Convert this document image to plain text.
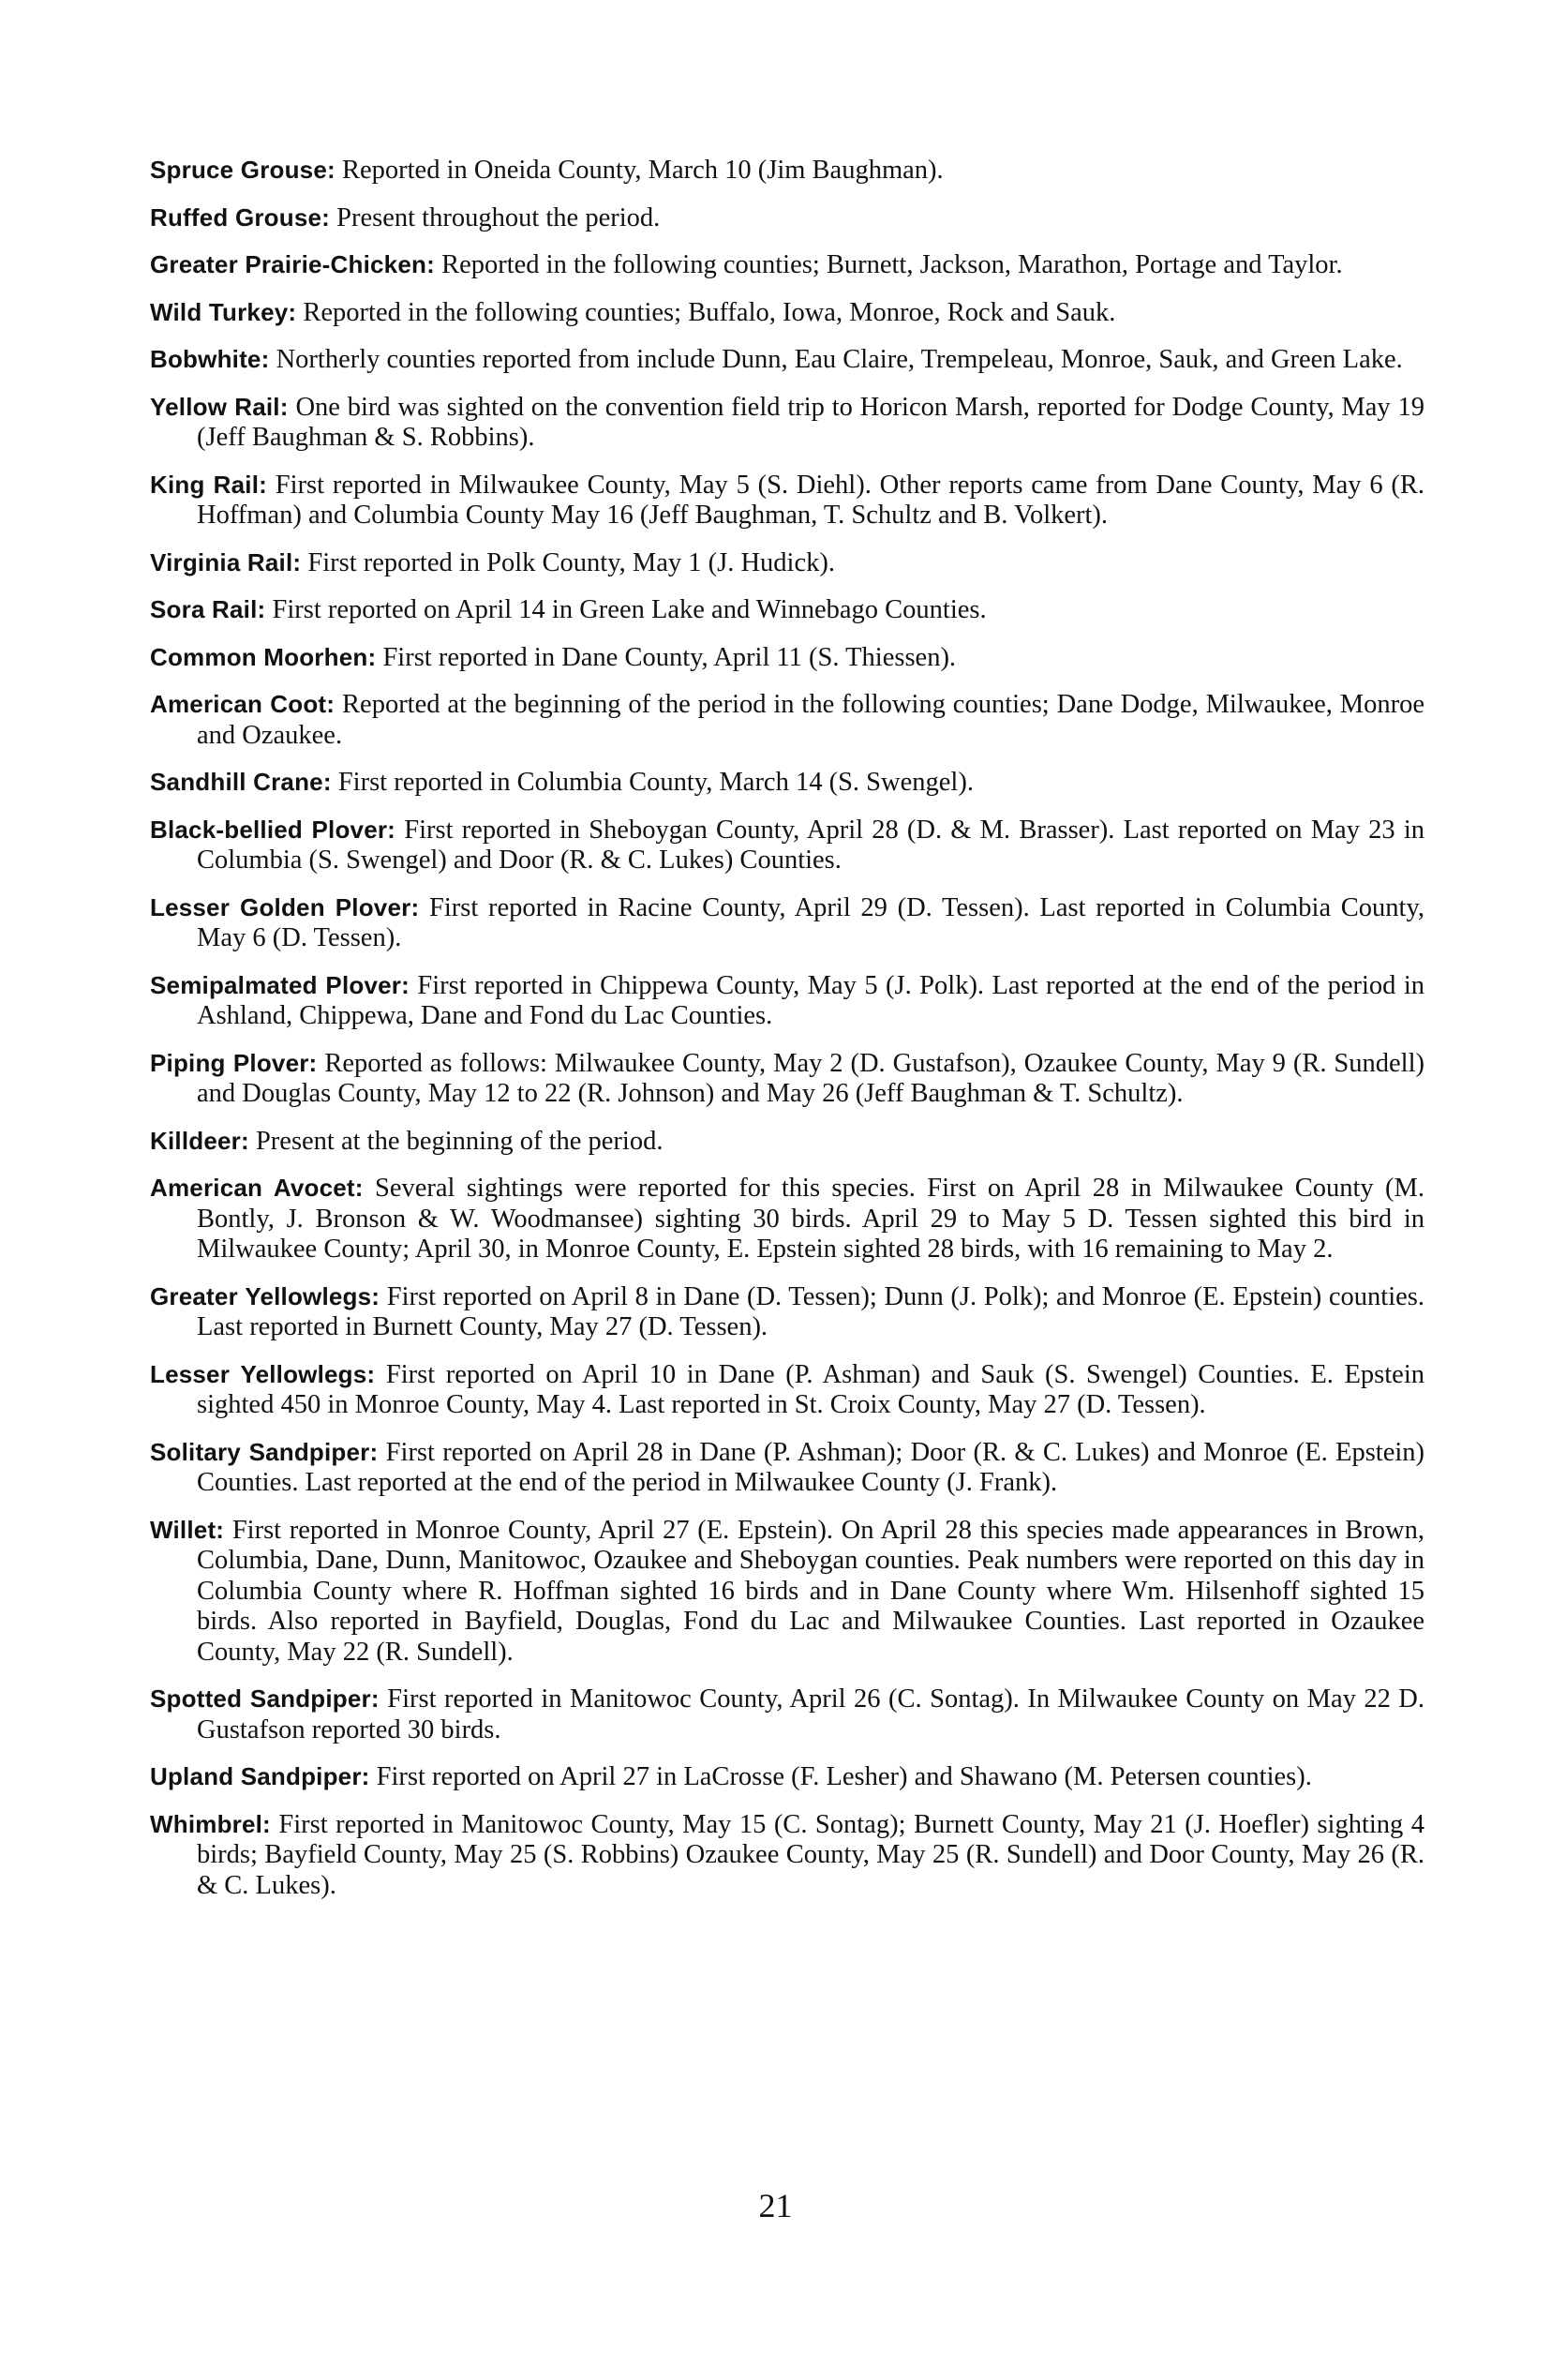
Spruce Grouse: Reported in Oneida County, March 10 (Jim Baughman).

Ruffed Grouse: Present throughout the period.

Greater Prairie-Chicken: Reported in the following counties; Burnett, Jackson, Marathon, Portage and Taylor.

Wild Turkey: Reported in the following counties; Buffalo, Iowa, Monroe, Rock and Sauk.

Bobwhite: Northerly counties reported from include Dunn, Eau Claire, Trempeleau, Monroe, Sauk, and Green Lake.

Yellow Rail: One bird was sighted on the convention field trip to Horicon Marsh, reported for Dodge County, May 19 (Jeff Baughman & S. Robbins).

King Rail: First reported in Milwaukee County, May 5 (S. Diehl). Other reports came from Dane County, May 6 (R. Hoffman) and Columbia County May 16 (Jeff Baughman, T. Schultz and B. Volkert).

Virginia Rail: First reported in Polk County, May 1 (J. Hudick).

Sora Rail: First reported on April 14 in Green Lake and Winnebago Counties.

Common Moorhen: First reported in Dane County, April 11 (S. Thiessen).

American Coot: Reported at the beginning of the period in the following counties; Dane Dodge, Milwaukee, Monroe and Ozaukee.

Sandhill Crane: First reported in Columbia County, March 14 (S. Swengel).

Black-bellied Plover: First reported in Sheboygan County, April 28 (D. & M. Brasser). Last reported on May 23 in Columbia (S. Swengel) and Door (R. & C. Lukes) Counties.

Lesser Golden Plover: First reported in Racine County, April 29 (D. Tessen). Last reported in Columbia County, May 6 (D. Tessen).

Semipalmated Plover: First reported in Chippewa County, May 5 (J. Polk). Last reported at the end of the period in Ashland, Chippewa, Dane and Fond du Lac Counties.

Piping Plover: Reported as follows: Milwaukee County, May 2 (D. Gustafson), Ozaukee County, May 9 (R. Sundell) and Douglas County, May 12 to 22 (R. Johnson) and May 26 (Jeff Baughman & T. Schultz).

Killdeer: Present at the beginning of the period.

American Avocet: Several sightings were reported for this species. First on April 28 in Milwaukee County (M. Bontly, J. Bronson & W. Woodmansee) sighting 30 birds. April 29 to May 5 D. Tessen sighted this bird in Milwaukee County; April 30, in Monroe County, E. Epstein sighted 28 birds, with 16 remaining to May 2.

Greater Yellowlegs: First reported on April 8 in Dane (D. Tessen); Dunn (J. Polk); and Monroe (E. Epstein) counties. Last reported in Burnett County, May 27 (D. Tessen).

Lesser Yellowlegs: First reported on April 10 in Dane (P. Ashman) and Sauk (S. Swengel) Counties. E. Epstein sighted 450 in Monroe County, May 4. Last reported in St. Croix County, May 27 (D. Tessen).

Solitary Sandpiper: First reported on April 28 in Dane (P. Ashman); Door (R. & C. Lukes) and Monroe (E. Epstein) Counties. Last reported at the end of the period in Milwaukee County (J. Frank).

Willet: First reported in Monroe County, April 27 (E. Epstein). On April 28 this species made appearances in Brown, Columbia, Dane, Dunn, Manitowoc, Ozaukee and Sheboygan counties. Peak numbers were reported on this day in Columbia County where R. Hoffman sighted 16 birds and in Dane County where Wm. Hilsenhoff sighted 15 birds. Also reported in Bayfield, Douglas, Fond du Lac and Milwaukee Counties. Last reported in Ozaukee County, May 22 (R. Sundell).

Spotted Sandpiper: First reported in Manitowoc County, April 26 (C. Sontag). In Milwaukee County on May 22 D. Gustafson reported 30 birds.

Upland Sandpiper: First reported on April 27 in LaCrosse (F. Lesher) and Shawano (M. Petersen counties).

Whimbrel: First reported in Manitowoc County, May 15 (C. Sontag); Burnett County, May 21 (J. Hoefler) sighting 4 birds; Bayfield County, May 25 (S. Robbins) Ozaukee County, May 25 (R. Sundell) and Door County, May 26 (R. & C. Lukes).

21
